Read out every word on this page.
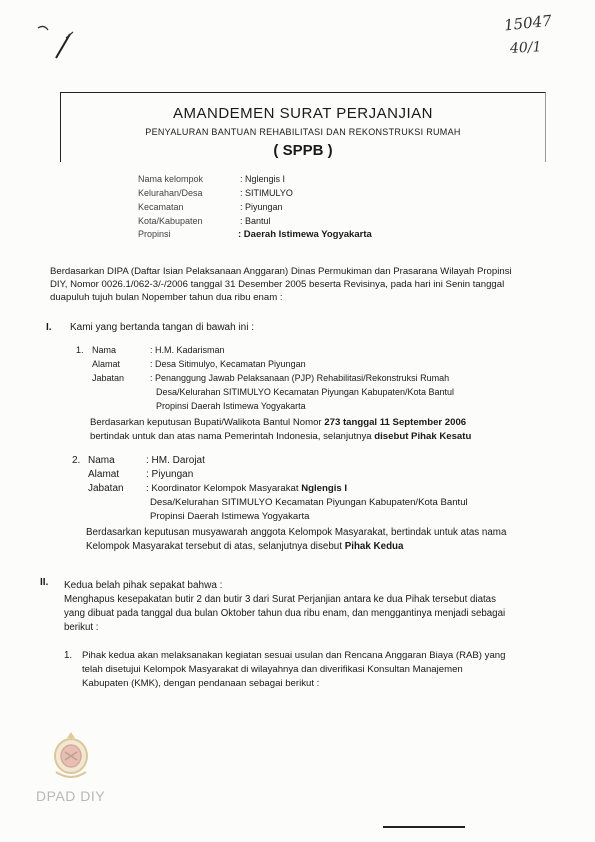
15047
40/1
AMANDEMEN SURAT PERJANJIAN
PENYALURAN BANTUAN REHABILITASI DAN REKONSTRUKSI RUMAH
( SPPB )
Nama kelompok	: Nglengis I
Kelurahan/Desa	: SITIMULYO
Kecamatan	: Piyungan
Kota/Kabupaten	: Bantul
Propinsi	: Daerah Istimewa Yogyakarta
Berdasarkan DIPA (Daftar Isian Pelaksanaan Anggaran) Dinas Permukiman dan Prasarana Wilayah Propinsi
DIY, Nomor 0026.1/062-3/-/2006 tanggal 31 Desember 2005 beserta Revisinya, pada hari ini Senin tanggal
duapuluh tujuh bulan Nopember tahun dua ribu enam :
I. Kami yang bertanda tangan di bawah ini :
1. Nama	: H.M. Kadarisman
Alamat	: Desa Sitimulyo, Kecamatan Piyungan
Jabatan	: Penanggung Jawab Pelaksanaan (PJP) Rehabilitasi/Rekonstruksi Rumah
Desa/Kelurahan SITIMULYO Kecamatan Piyungan Kabupaten/Kota Bantul
Propinsi Daerah Istimewa Yogyakarta
Berdasarkan keputusan Bupati/Walikota Bantul Nomor 273 tanggal 11 September 2006
bertindak untuk dan atas nama Pemerintah Indonesia, selanjutnya disebut Pihak Kesatu
2. Nama	: HM. Darojat
Alamat	: Piyungan
Jabatan : Koordinator Kelompok Masyarakat Nglengis I
Desa/Kelurahan SITIMULYO Kecamatan Piyungan Kabupaten/Kota Bantul
Propinsi Daerah Istimewa Yogyakarta
Berdasarkan keputusan musyawarah anggota Kelompok Masyarakat, bertindak untuk atas nama
Kelompok Masyarakat tersebut di atas, selanjutnya disebut Pihak Kedua
II. Kedua belah pihak sepakat bahwa :
Menghapus kesepakatan butir 2 dan butir 3 dari Surat Perjanjian antara ke dua Pihak tersebut diatas
yang dibuat pada tanggal dua bulan Oktober tahun dua ribu enam, dan menggantinya menjadi sebagai
berikut :
1. Pihak kedua akan melaksanakan kegiatan sesuai usulan dan Rencana Anggaran Biaya (RAB) yang
telah disetujui Kelompok Masyarakat di wilayahnya dan diverifikasi Konsultan Manajemen
Kabupaten (KMK), dengan pendanaan sebagai berikut :
DPAD DIY
